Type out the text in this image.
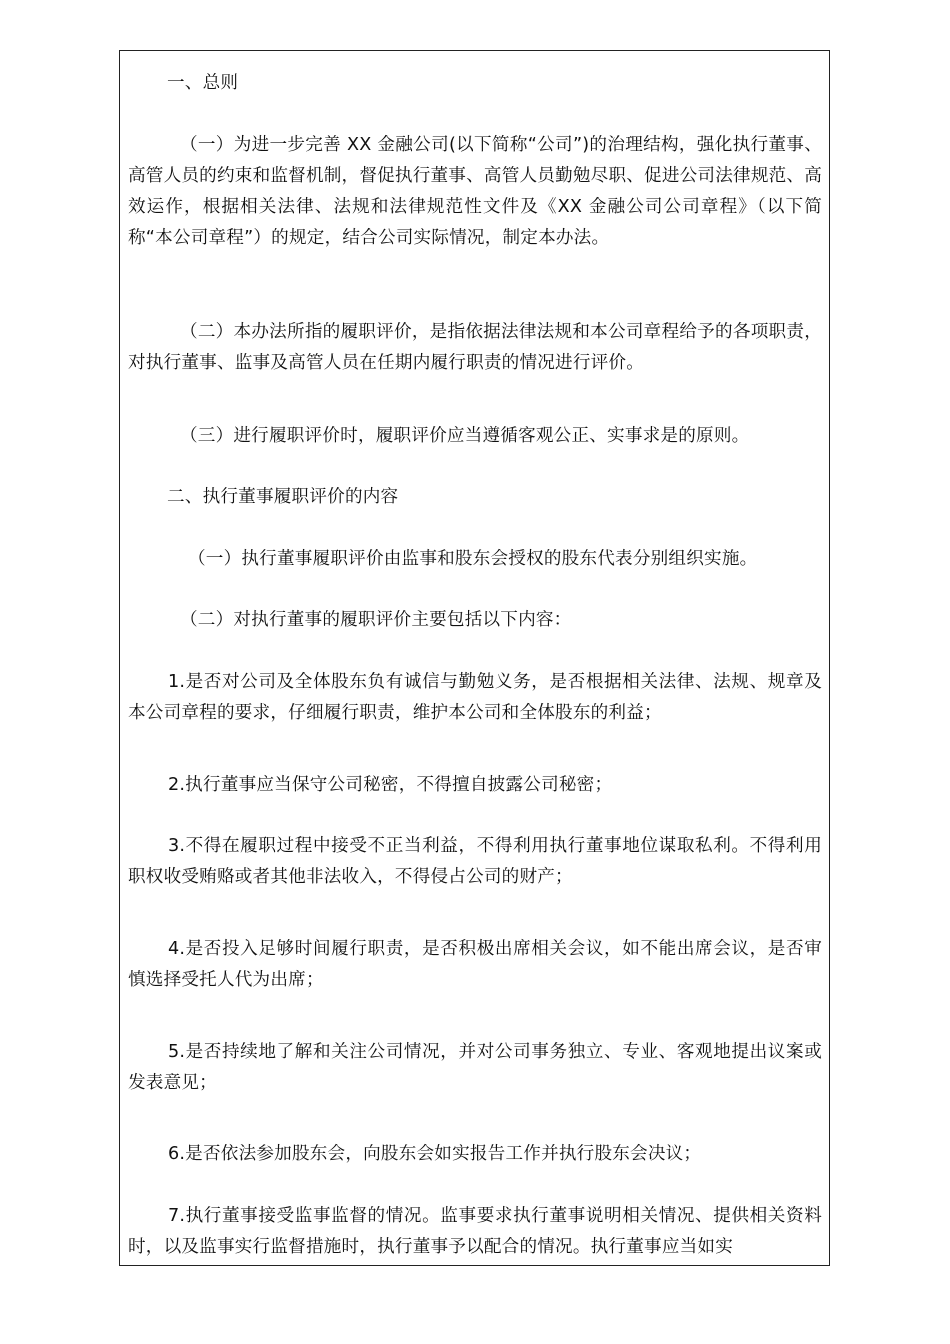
一、总则
（一）为进一步完善 XX 金融公司(以下简称“公司”)的治理结构，强化执行董事、高管人员的约束和监督机制，督促执行董事、高管人员勤勉尽职、促进公司法律规范、高效运作，根据相关法律、法规和法律规范性文件及《XX 金融公司公司章程》（以下简称“本公司章程”）的规定，结合公司实际情况，制定本办法。
（二）本办法所指的履职评价，是指依据法律法规和本公司章程给予的各项职责，对执行董事、监事及高管人员在任期内履行职责的情况进行评价。
（三）进行履职评价时，履职评价应当遵循客观公正、实事求是的原则。
二、执行董事履职评价的内容
（一）执行董事履职评价由监事和股东会授权的股东代表分别组织实施。
（二）对执行董事的履职评价主要包括以下内容：
1.是否对公司及全体股东负有诚信与勤勉义务，是否根据相关法律、法规、规章及本公司章程的要求，仔细履行职责，维护本公司和全体股东的利益；
2.执行董事应当保守公司秘密，不得擅自披露公司秘密；
3.不得在履职过程中接受不正当利益，不得利用执行董事地位谋取私利。不得利用职权收受贿赂或者其他非法收入，不得侵占公司的财产；
4.是否投入足够时间履行职责，是否积极出席相关会议，如不能出席会议，是否审慎选择受托人代为出席；
5.是否持续地了解和关注公司情况，并对公司事务独立、专业、客观地提出议案或发表意见；
6.是否依法参加股东会，向股东会如实报告工作并执行股东会决议；
7.执行董事接受监事监督的情况。监事要求执行董事说明相关情况、提供相关资料时，以及监事实行监督措施时，执行董事予以配合的情况。执行董事应当如实
